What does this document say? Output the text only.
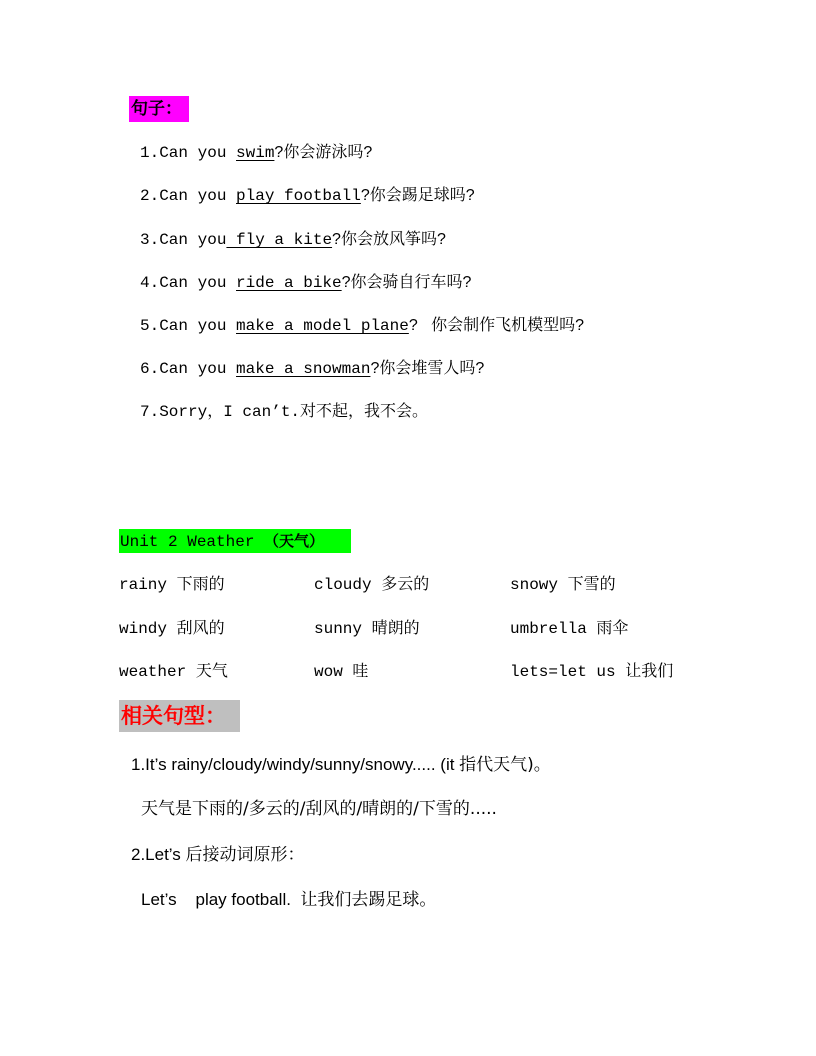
句子：
1.Can you swim?你会游泳吗?
2.Can you play football?你会踢足球吗?
3.Can you fly a kite?你会放风筝吗?
4.Can you ride a bike?你会骑自行车吗?
5.Can you make a model plane?   你会制作飞机模型吗?
6.Can you make a snowman?你会堆雪人吗?
7.Sorry，I can’t.对不起，我不会。
Unit 2 Weather （天气）
rainy 下雨的	cloudy 多云的	snowy 下雪的
windy 刮风的	sunny 晴朗的	umbrella 雨伞
weather 天气	wow 哇	lets=let us 让我们
相关句型：
1.It’s rainy/cloudy/windy/sunny/snowy..... (it 指代天气)。
天气是下雨的/多云的/刮风的/晴朗的/下雪的.....
2.Let’s 后接动词原形：
Let’s    play football.  让我们去踢足球。
